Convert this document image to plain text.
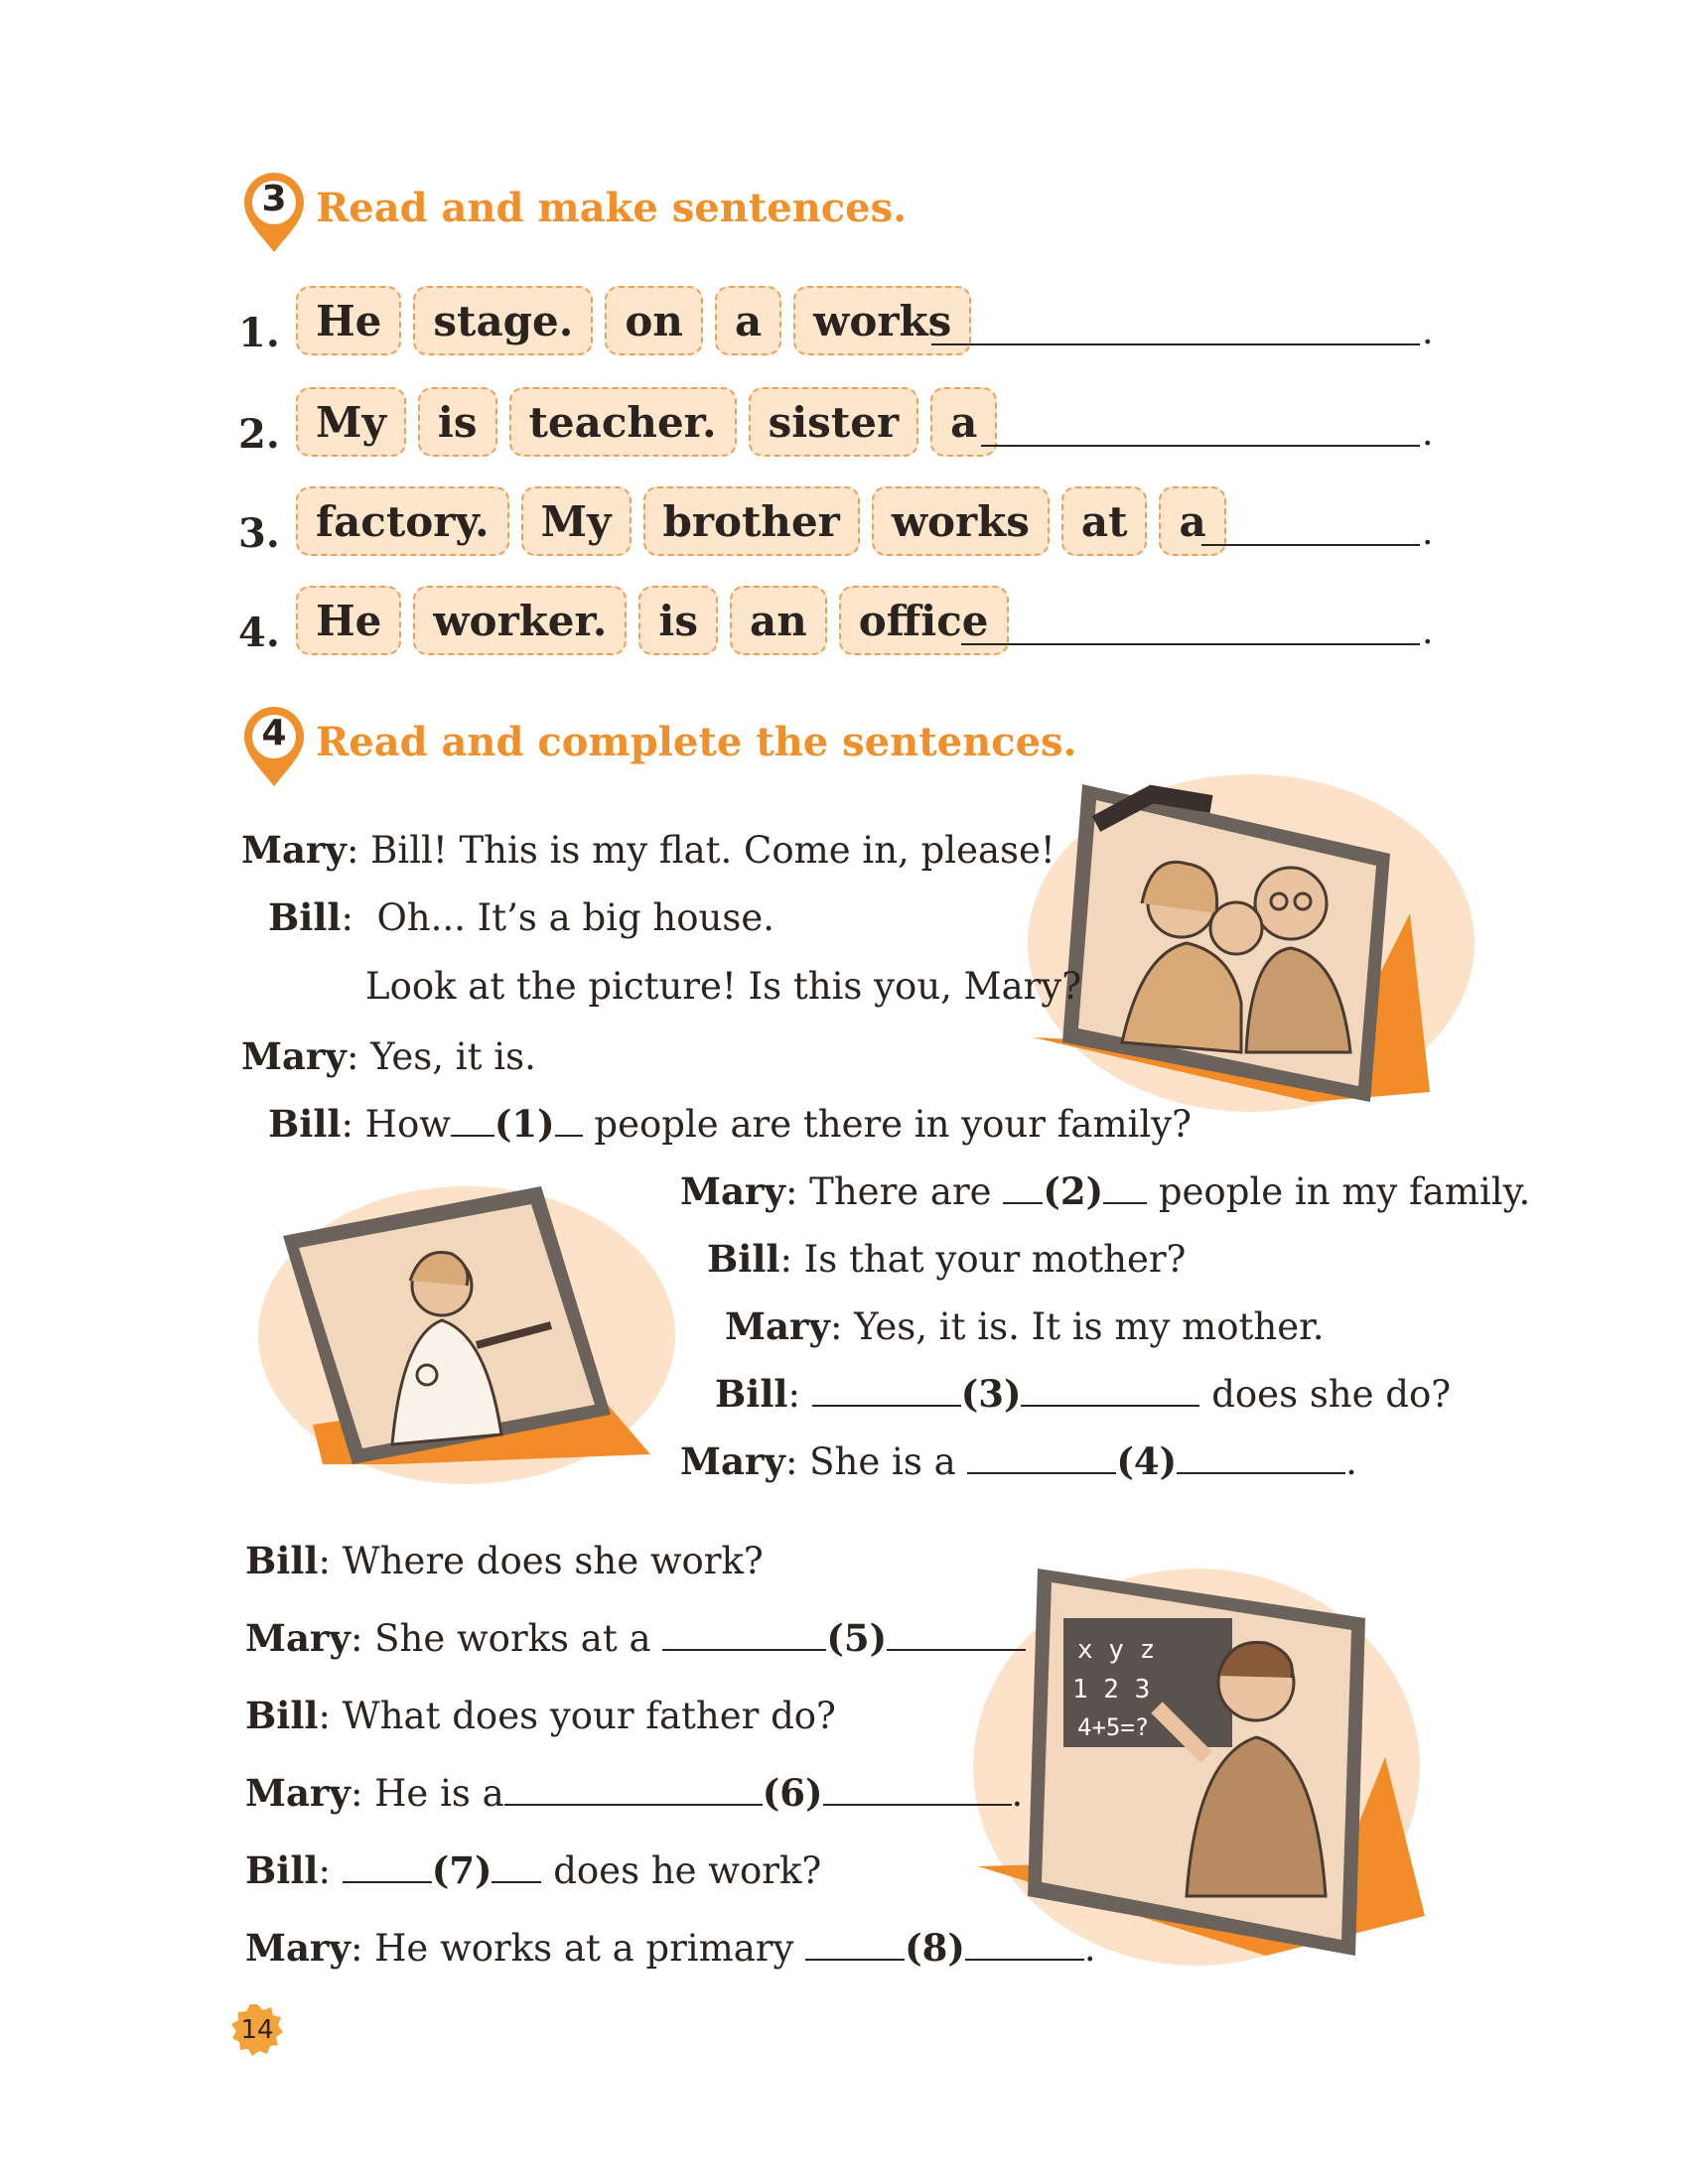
3 Read and make sentences.
1. He	stage.	on	a	works	.
2. My	is	teacher.	sister	a	.
3. factory.	My	brother	works	at	a	.
4. He	worker.	is	an	office	.
4 Read and complete the sentences.
x y z
1 2 3
4+5=?
Mary: Bill! This is my flat. Come in, please!
Bill:  Oh... It’s a big house.
Look at the picture! Is this you, Mary?
Mary: Yes, it is.
Bill: How (1) people are there in your family?
Mary: There are (2) people in my family.
Bill: Is that your mother?
Mary: Yes, it is. It is my mother.
Bill:	(3)	does she do?
Mary: She is a	(4)	.
Bill: Where does she work?
Mary: She works at a	(5)
Bill: What does your father do?
Mary: He is a	(6)	.
Bill:	(7) does he work?
Mary: He works at a primary	(8)	.
14
